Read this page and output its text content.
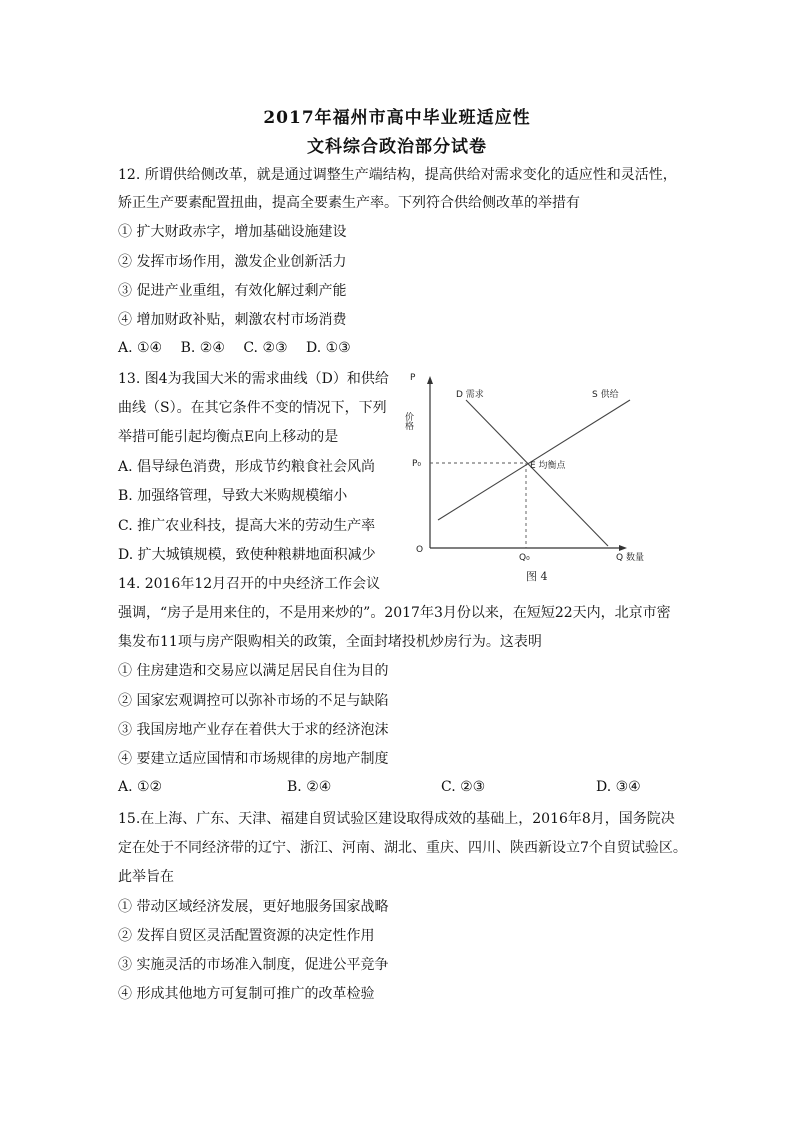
2017年福州市高中毕业班适应性
文科综合政治部分试卷
12. 所谓供给侧改革，就是通过调整生产端结构，提高供给对需求变化的适应性和灵活性，
矫正生产要素配置扭曲，提高全要素生产率。下列符合供给侧改革的举措有
① 扩大财政赤字，增加基础设施建设
② 发挥市场作用，激发企业创新活力
③ 促进产业重组，有效化解过剩产能
④ 增加财政补贴，刺激农村市场消费
A. ①④ B. ②④ C. ②③ D. ①③
13. 图4为我国大米的需求曲线（D）和供给
曲线（S）。在其它条件不变的情况下，下列
举措可能引起均衡点E向上移动的是
A. 倡导绿色消费，形成节约粮食社会风尚
B. 加强络管理，导致大米购规模缩小
C. 推广农业科技，提高大米的劳动生产率
D. 扩大城镇规模，致使种粮耕地面积减少
P
价格
D 需求	S 供给
P₀	E 均衡点
O
Q₀	Q 数量
图 4
14. 2016年12月召开的中央经济工作会议
强调，“房子是用来住的，不是用来炒的”。2017年3月份以来，在短短22天内，北京市密
集发布11项与房产限购相关的政策，全面封堵投机炒房行为。这表明
① 住房建造和交易应以满足居民自住为目的
② 国家宏观调控可以弥补市场的不足与缺陷
③ 我国房地产业存在着供大于求的经济泡沫
④ 要建立适应国情和市场规律的房地产制度
A. ①②	B. ②④	C. ②③	D. ③④
15.在上海、广东、天津、福建自贸试验区建设取得成效的基础上，2016年8月，国务院决
定在处于不同经济带的辽宁、浙江、河南、湖北、重庆、四川、陕西新设立7个自贸试验区。
此举旨在
① 带动区域经济发展，更好地服务国家战略
② 发挥自贸区灵活配置资源的决定性作用
③ 实施灵活的市场准入制度，促进公平竞争
④ 形成其他地方可复制可推广的改革检验
